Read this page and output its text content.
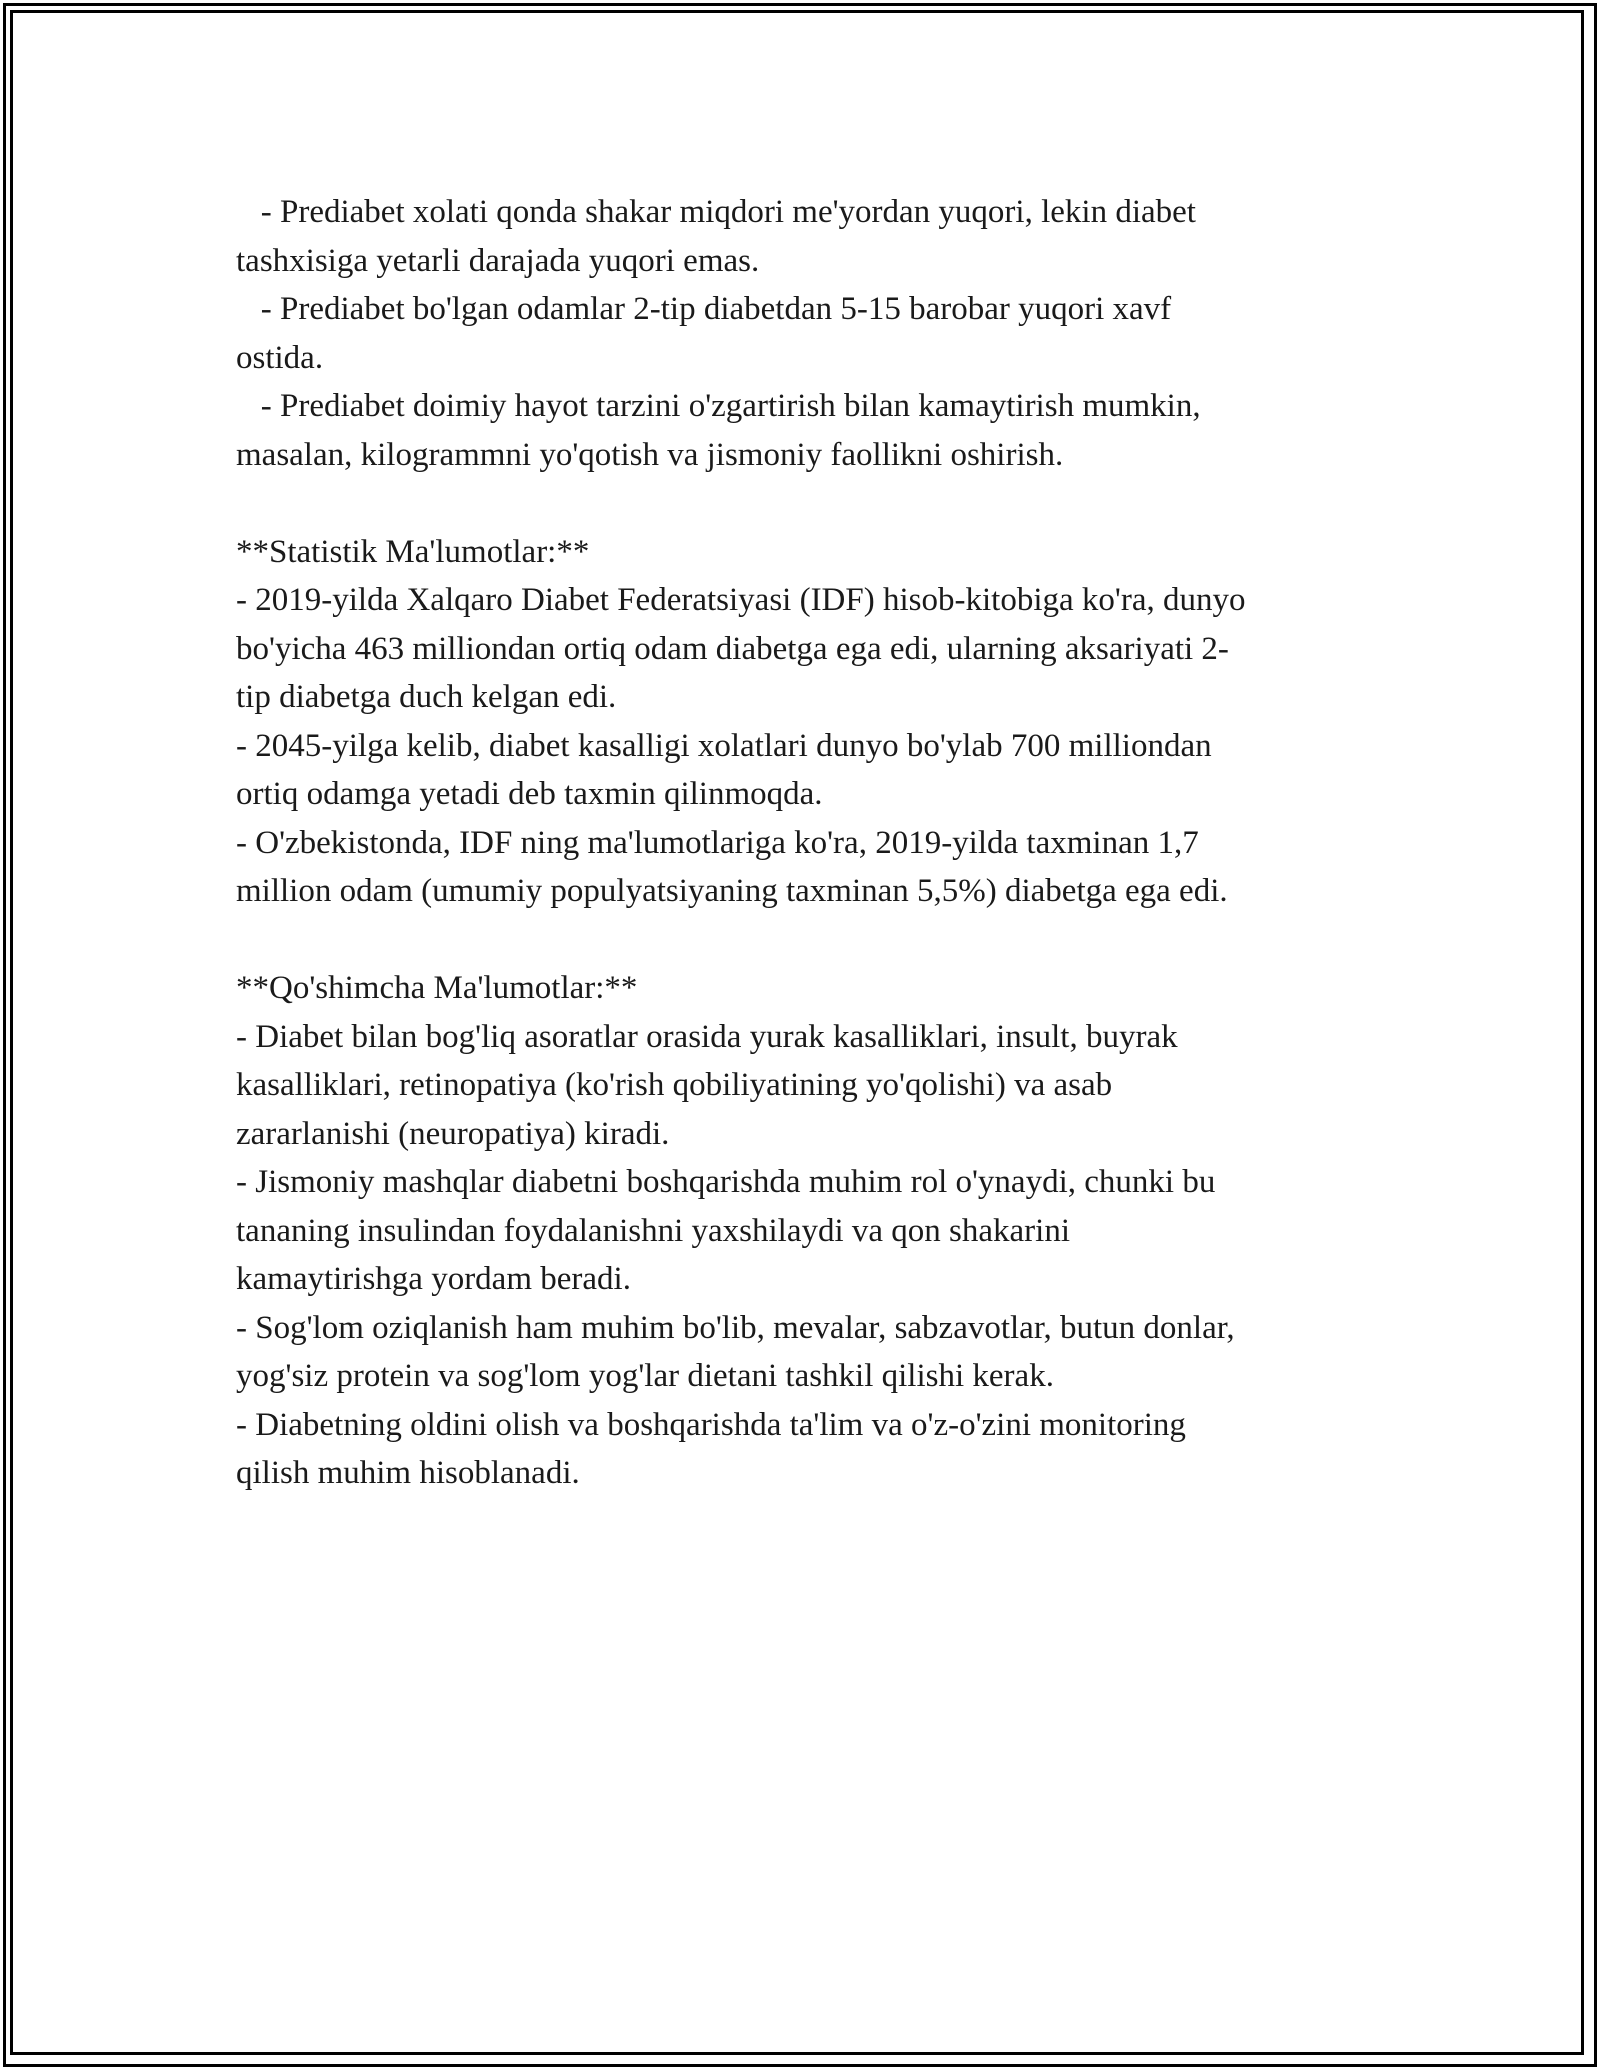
- Prediabet xolati qonda shakar miqdori me'yordan yuqori, lekin diabet
tashxisiga yetarli darajada yuqori emas.
- Prediabet bo'lgan odamlar 2-tip diabetdan 5-15 barobar yuqori xavf
ostida.
- Prediabet doimiy hayot tarzini o'zgartirish bilan kamaytirish mumkin,
masalan, kilogrammni yo'qotish va jismoniy faollikni oshirish.
**Statistik Ma'lumotlar:**
- 2019-yilda Xalqaro Diabet Federatsiyasi (IDF) hisob-kitobiga ko'ra, dunyo
bo'yicha 463 milliondan ortiq odam diabetga ega edi, ularning aksariyati 2-
tip diabetga duch kelgan edi.
- 2045-yilga kelib, diabet kasalligi xolatlari dunyo bo'ylab 700 milliondan
ortiq odamga yetadi deb taxmin qilinmoqda.
- O'zbekistonda, IDF ning ma'lumotlariga ko'ra, 2019-yilda taxminan 1,7
million odam (umumiy populyatsiyaning taxminan 5,5%) diabetga ega edi.
**Qo'shimcha Ma'lumotlar:**
- Diabet bilan bog'liq asoratlar orasida yurak kasalliklari, insult, buyrak
kasalliklari, retinopatiya (ko'rish qobiliyatining yo'qolishi) va asab
zararlanishi (neuropatiya) kiradi.
- Jismoniy mashqlar diabetni boshqarishda muhim rol o'ynaydi, chunki bu
tananing insulindan foydalanishni yaxshilaydi va qon shakarini
kamaytirishga yordam beradi.
- Sog'lom oziqlanish ham muhim bo'lib, mevalar, sabzavotlar, butun donlar,
yog'siz protein va sog'lom yog'lar dietani tashkil qilishi kerak.
- Diabetning oldini olish va boshqarishda ta'lim va o'z-o'zini monitoring
qilish muhim hisoblanadi.
